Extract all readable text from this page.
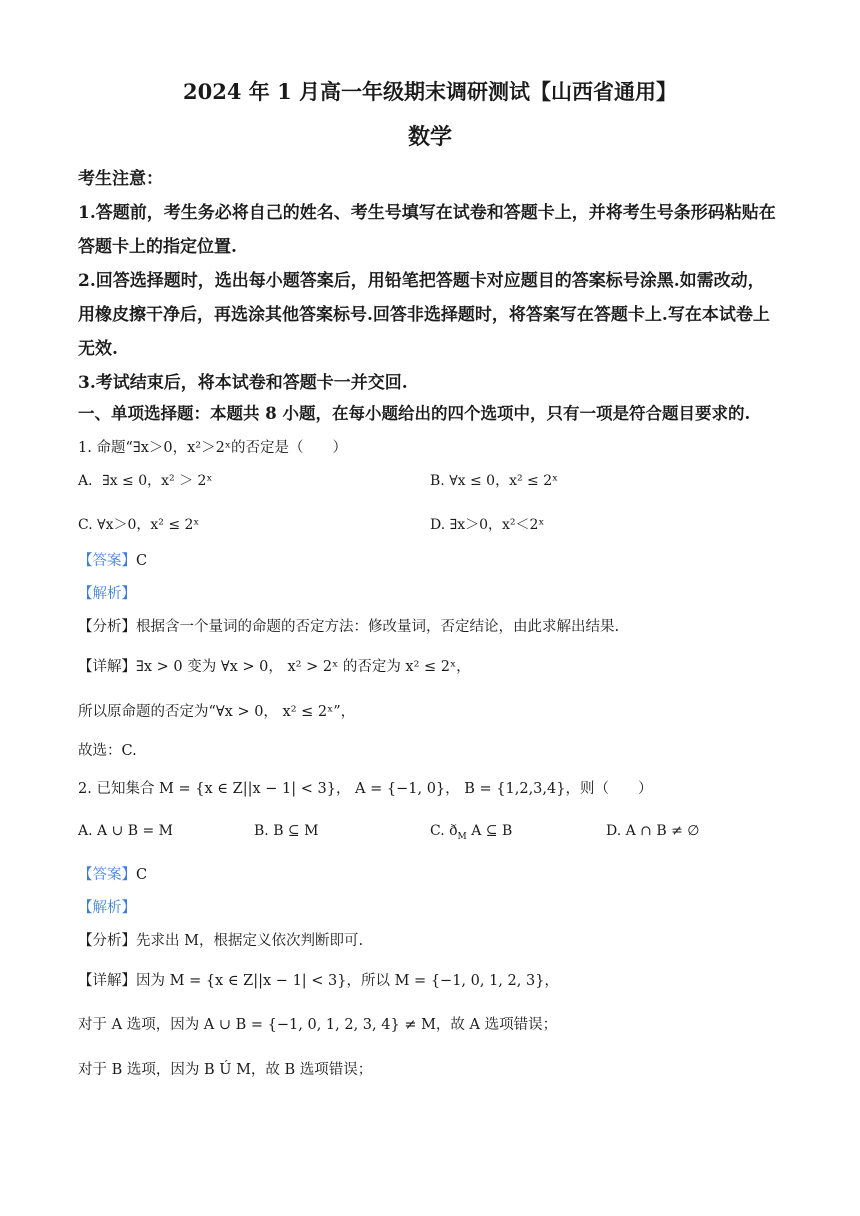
2024 年 1 月高一年级期末调研测试【山西省通用】
数学
考生注意：
1.答题前，考生务必将自己的姓名、考生号填写在试卷和答题卡上，并将考生号条形码粘贴在
答题卡上的指定位置.
2.回答选择题时，选出每小题答案后，用铅笔把答题卡对应题目的答案标号涂黑.如需改动，
用橡皮擦干净后，再选涂其他答案标号.回答非选择题时，将答案写在答题卡上.写在本试卷上
无效.
3.考试结束后，将本试卷和答题卡一并交回.
一、单项选择题：本题共 8 小题，在每小题给出的四个选项中，只有一项是符合题目要求的.
1. 命题“∃x＞0，x²＞2ˣ的否定是（　　）
A．∃x ≤ 0，x² ＞ 2ˣ	B. ∀x ≤ 0，x² ≤ 2ˣ
C. ∀x＞0，x² ≤ 2ˣ	D. ∃x＞0，x²＜2ˣ
【答案】C
【解析】
【分析】根据含一个量词的命题的否定方法：修改量词，否定结论，由此求解出结果.
【详解】∃x > 0 变为 ∀x > 0， x² > 2ˣ 的否定为 x² ≤ 2ˣ，
所以原命题的否定为“∀x > 0， x² ≤ 2ˣ”，
故选：C.
2. 已知集合 M = {x ∈ Z||x − 1| < 3}， A = {−1, 0}， B = {1,2,3,4}，则（　　）
A. A ∪ B = M	B. B ⊆ M	C. $ð_M$ A ⊆ B	D. A ∩ B ≠ ∅
【答案】C
【解析】
【分析】先求出 M，根据定义依次判断即可.
【详解】因为 M = {x ∈ Z||x − 1| < 3}，所以 M = {−1, 0, 1, 2, 3}，
对于 A 选项，因为 A ∪ B = {−1, 0, 1, 2, 3, 4} ≠ M，故 A 选项错误；
对于 B 选项，因为 B Ú M，故 B 选项错误；
